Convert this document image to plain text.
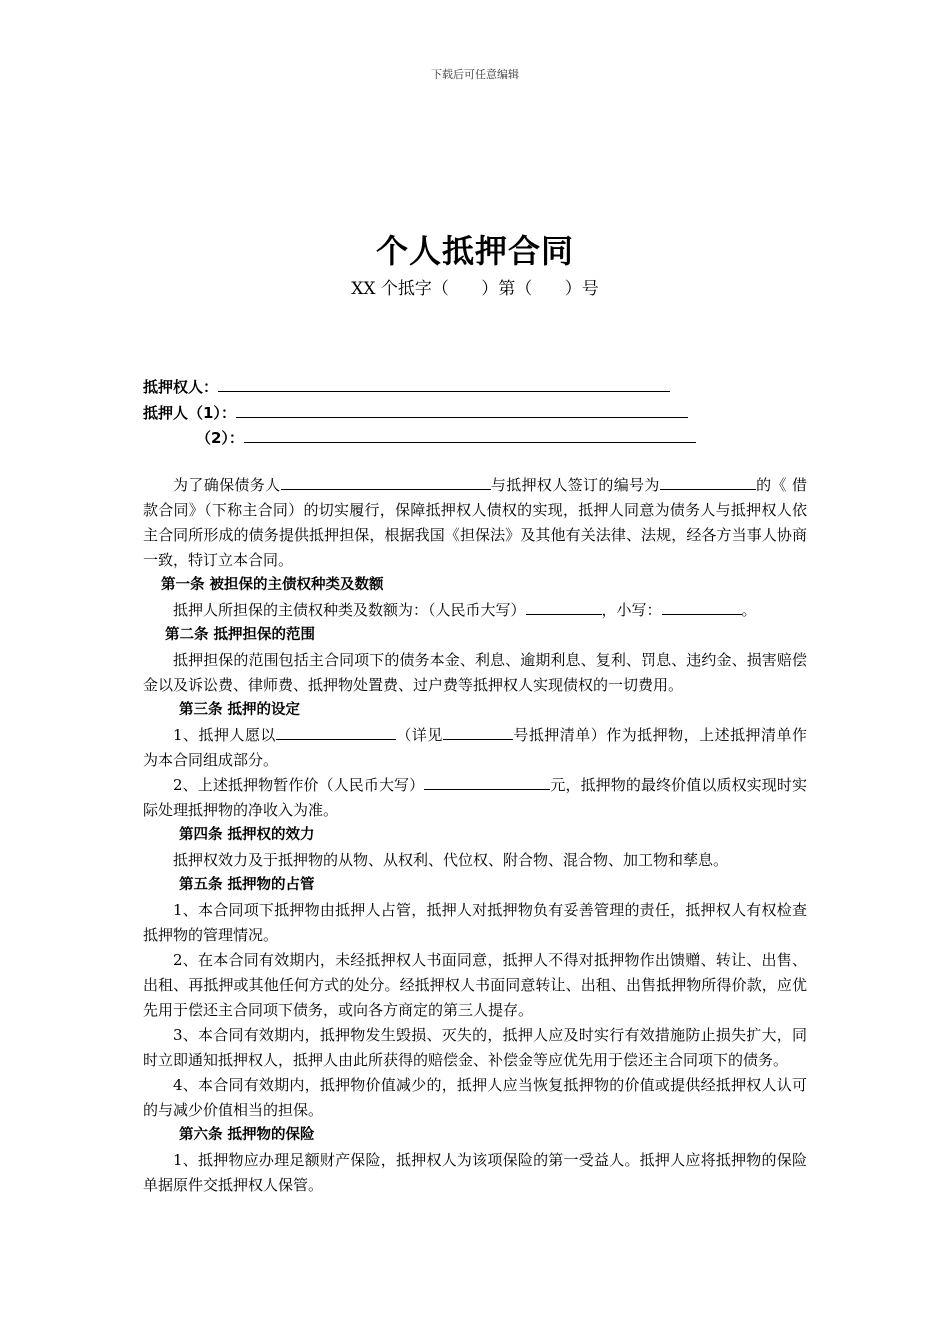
下载后可任意编辑
个人抵押合同
XX 个抵字（      ）第（      ）号
抵押权人：
抵押人（1）：
（2）：

为了确保债务人	与抵押权人签订的编号为	的《 借款合同》（下称主合同）的切实履行，保障抵押权人债权的实现，抵押人同意为债务人与抵押权人依主合同所形成的债务提供抵押担保，根据我国《担保法》及其他有关法律、法规，经各方当事人协商一致，特订立本合同。

第一条 被担保的主债权种类及数额

抵押人所担保的主债权种类及数额为：（人民币大写）	，小写：	。

第二条 抵押担保的范围

抵押担保的范围包括主合同项下的债务本金、利息、逾期利息、复利、罚息、违约金、损害赔偿金以及诉讼费、律师费、抵押物处置费、过户费等抵押权人实现债权的一切费用。

第三条 抵押的设定

1、抵押人愿以	（详见	号抵押清单）作为抵押物，上述抵押清单作为本合同组成部分。

2、上述抵押物暂作价（人民币大写）	元，抵押物的最终价值以质权实现时实际处理抵押物的净收入为准。

第四条 抵押权的效力

抵押权效力及于抵押物的从物、从权利、代位权、附合物、混合物、加工物和孳息。

第五条 抵押物的占管

1、本合同项下抵押物由抵押人占管，抵押人对抵押物负有妥善管理的责任，抵押权人有权检查抵押物的管理情况。

2、在本合同有效期内，未经抵押权人书面同意，抵押人不得对抵押物作出馈赠、转让、出售、出租、再抵押或其他任何方式的处分。经抵押权人书面同意转让、出租、出售抵押物所得价款，应优先用于偿还主合同项下债务，或向各方商定的第三人提存。

3、本合同有效期内，抵押物发生毁损、灭失的，抵押人应及时实行有效措施防止损失扩大，同时立即通知抵押权人，抵押人由此所获得的赔偿金、补偿金等应优先用于偿还主合同项下的债务。

4、本合同有效期内，抵押物价值减少的，抵押人应当恢复抵押物的价值或提供经抵押权人认可的与减少价值相当的担保。

第六条 抵押物的保险

1、抵押物应办理足额财产保险，抵押权人为该项保险的第一受益人。抵押人应将抵押物的保险单据原件交抵押权人保管。
